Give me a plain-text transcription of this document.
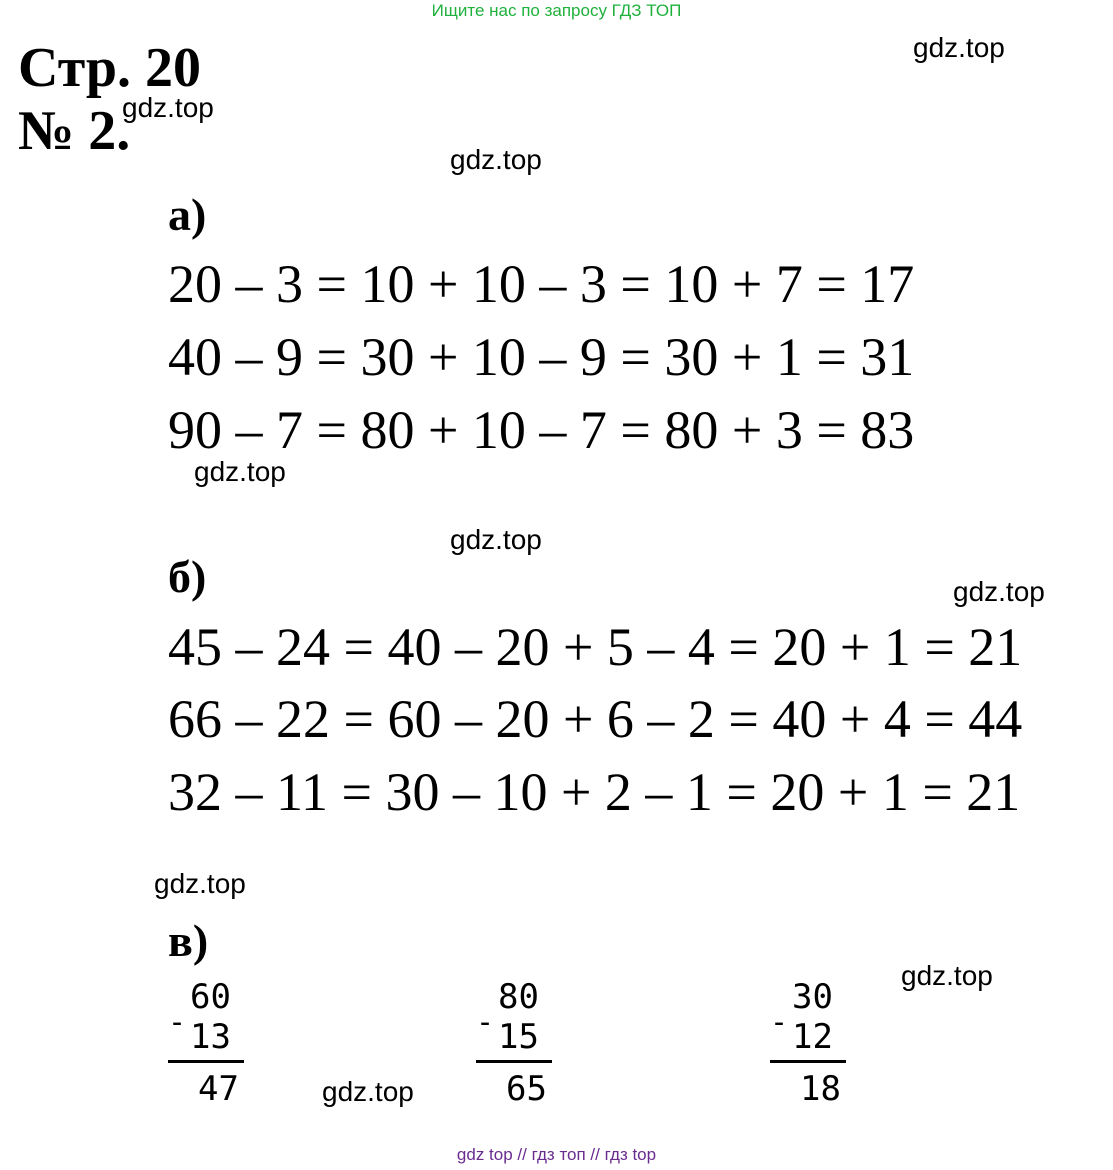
Ищите нас по запросу ГДЗ ТОП
Стр. 20
№ 2.
gdz.top
gdz.top
gdz.top
gdz.top
gdz.top
gdz.top
gdz.top
gdz.top
gdz.top
а)
20 – 3 = 10 + 10 – 3 = 10 + 7 = 17
40 – 9 = 30 + 10 – 9 = 30 + 1 = 31
90 – 7 = 80 + 10 – 7 = 80 + 3 = 83
б)
45 – 24 = 40 – 20 + 5 – 4 = 20 + 1 = 21
66 – 22 = 60 – 20 + 6 – 2 = 40 + 4 = 44
32 – 11 = 30 – 10 + 2 – 1 = 20 + 1 = 21
в)
-
60
13
47
-
80
15
65
-
30
12
18
gdz top // гдз топ // гдз top
